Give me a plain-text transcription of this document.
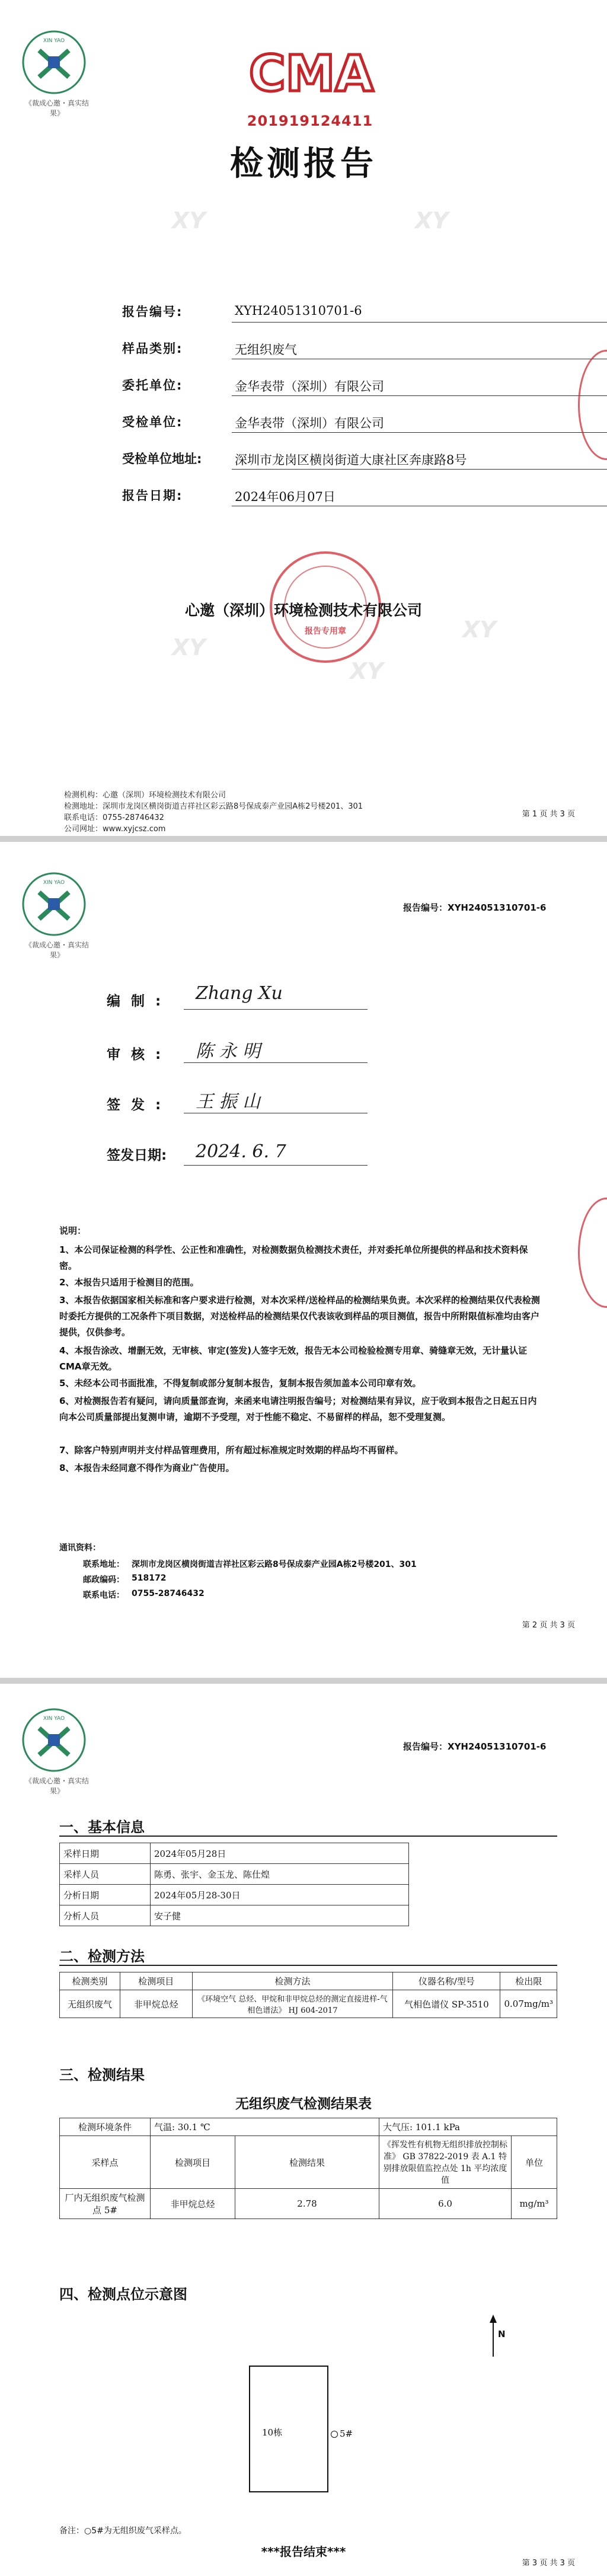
XIN YAO
《裁成心邀・真实结果》
CMA
201919124411
检测报告
报告编号:	XYH24051310701-6
样品类别:	无组织废气
委托单位:	金华表带（深圳）有限公司
受检单位:	金华表带（深圳）有限公司
受检单位地址:	深圳市龙岗区横岗街道大康社区奔康路8号
报告日期:	2024年06月07日
报告专用章
心邀（深圳）环境检测技术有限公司
XY	XY
XY
XY
XY
检测机构：心邀（深圳）环境检测技术有限公司
检测地址：深圳市龙岗区横岗街道吉祥社区彩云路8号保成泰产业园A栋2号楼201、301
联系电话：0755-28746432
公司网址：www.xyjcsz.com
第 1 页 共 3 页
XIN YAO
《裁成心邀・真实结果》
报告编号：XYH24051310701-6
编制: Zhang Xu
审核: 陈 永 明
签发: 王 振 山
签发日期: 2024. 6. 7
说明：
1、本公司保证检测的科学性、公正性和准确性，对检测数据负检测技术责任，并对委托单位所提供的样品和技术资料保密。
2、本报告只适用于检测目的范围。
3、本报告依据国家相关标准和客户要求进行检测，对本次采样/送检样品的检测结果负责。本次采样的检测结果仅代表检测时委托方提供的工况条件下项目数据，对送检样品的检测结果仅代表该收到样品的项目测值，报告中所附限值标准均由客户提供，仅供参考。
4、本报告涂改、增删无效，无审核、审定(签发)人签字无效，报告无本公司检验检测专用章、骑缝章无效，无计量认证CMA章无效。
5、未经本公司书面批准，不得复制或部分复制本报告，复制本报告须加盖本公司印章有效。
6、对检测报告若有疑问，请向质量部查询，来函来电请注明报告编号；对检测结果有异议，应于收到本报告之日起五日内向本公司质量部提出复测申请，逾期不予受理，对于性能不稳定、不易留样的样品，恕不受理复测。
7、除客户特别声明并支付样品管理费用，所有超过标准规定时效期的样品均不再留样。
8、本报告未经同意不得作为商业广告使用。
通讯资料：
联系地址： 深圳市龙岗区横岗街道吉祥社区彩云路8号保成泰产业园A栋2号楼201、301
邮政编码： 518172
联系电话： 0755-28746432
第 2 页 共 3 页
XIN YAO
《裁成心邀・真实结果》
报告编号：XYH24051310701-6
一、基本信息
采样日期	2024年05月28日
采样人员	陈勇、张宇、金玉龙、陈仕煌
分析日期	2024年05月28-30日
分析人员	安子健
二、检测方法
检测类别	检测项目	检测方法	仪器名称/型号	检出限
无组织废气	非甲烷总烃	《环境空气 总烃、甲烷和非甲烷总烃的测定直接进样-气相色谱法》 HJ 604-2017	气相色谱仪 SP-3510	0.07mg/m³
三、检测结果
无组织废气检测结果表
检测环境条件	气温: 30.1 ℃		大气压: 101.1 kPa	
采样点	检测项目	检测结果	《挥发性有机物无组织排放控制标准》 GB 37822-2019 表 A.1 特别排放限值监控点处 1h 平均浓度值	单位
厂内无组织废气检测点 5#	非甲烷总烃	2.78	6.0	mg/m³
四、检测点位示意图
N
10栋	5#
备注：○5#为无组织废气采样点。
***报告结束***
第 3 页 共 3 页
